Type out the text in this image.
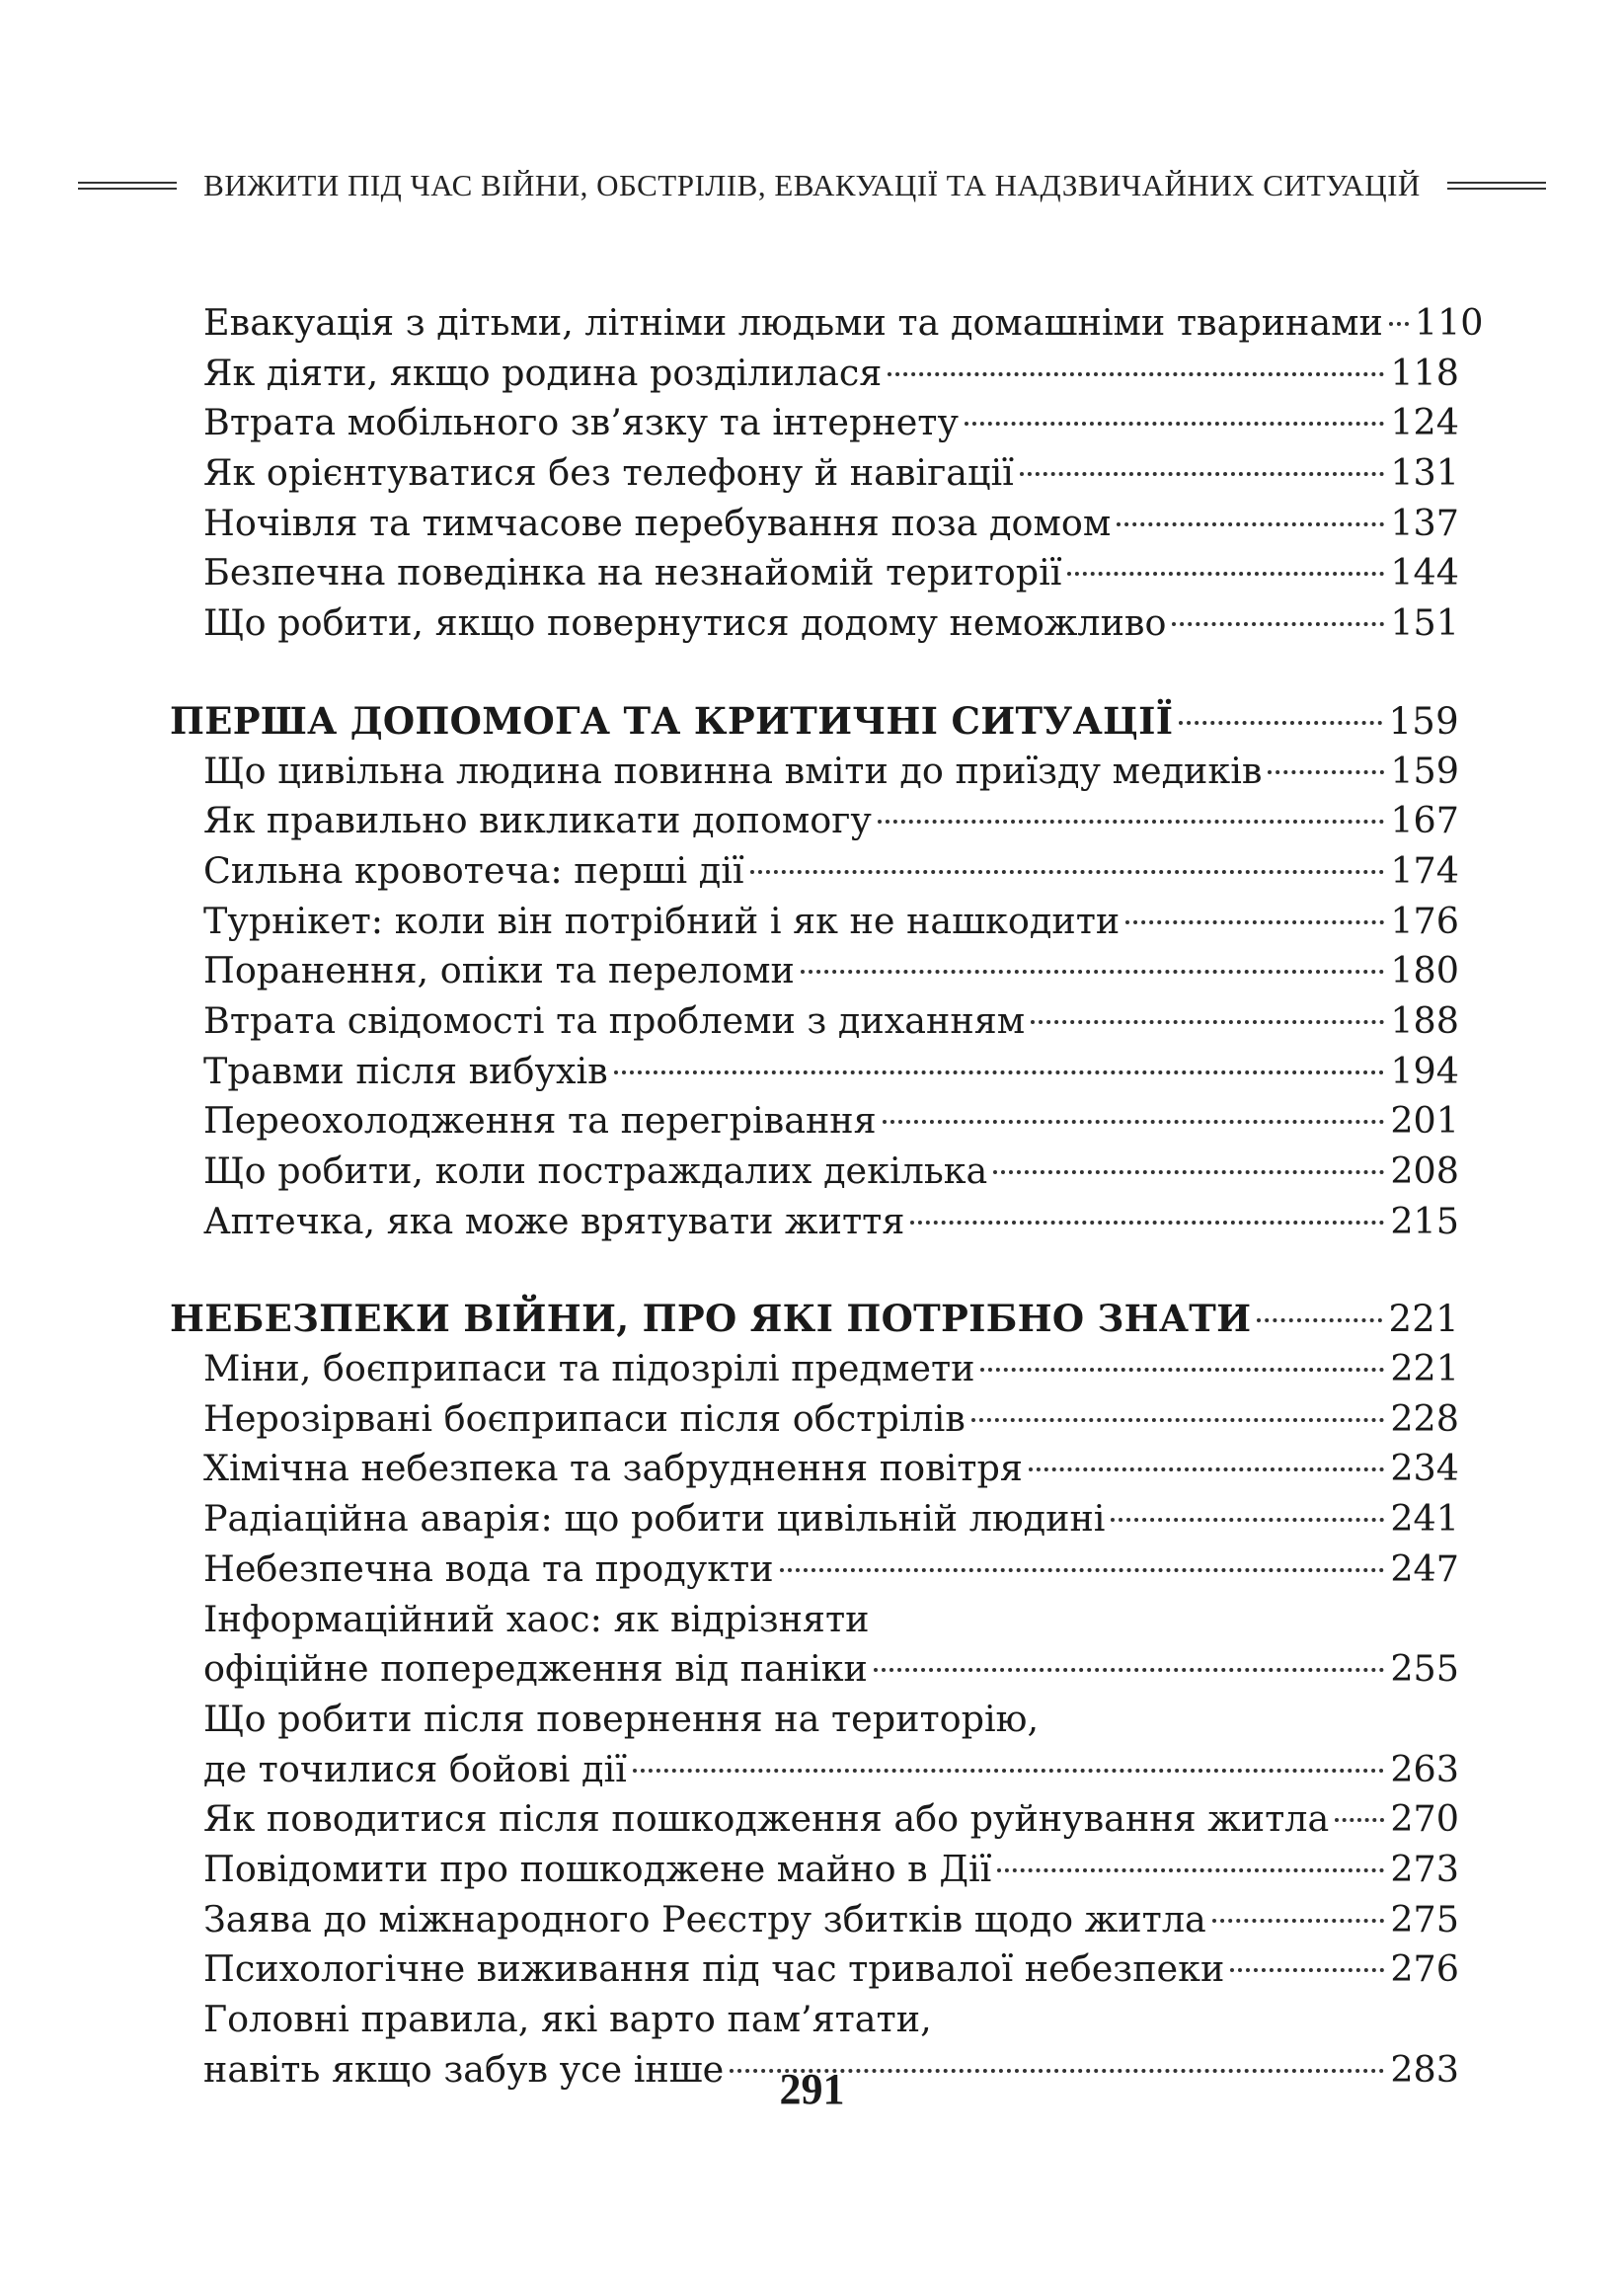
ВИЖИТИ ПІД ЧАС ВІЙНИ, ОБСТРІЛІВ, ЕВАКУАЦІЇ ТА НАДЗВИЧАЙНИХ СИТУАЦІЙ
Евакуація з дітьми, літніми людьми та домашніми тваринами 110
Як діяти, якщо родина розділилася	118
Втрата мобільного зв’язку та інтернету	124
Як орієнтуватися без телефону й навігації	131
Ночівля та тимчасове перебування поза домом	137
Безпечна поведінка на незнайомій території	144
Що робити, якщо повернутися додому неможливо	151
ПЕРША ДОПОМОГА ТА КРИТИЧНІ СИТУАЦІЇ	159
Що цивільна людина повинна вміти до приїзду медиків	159
Як правильно викликати допомогу	167
Сильна кровотеча: перші дії	174
Турнікет: коли він потрібний і як не нашкодити	176
Поранення, опіки та переломи	180
Втрата свідомості та проблеми з диханням	188
Травми після вибухів	194
Переохолодження та перегрівання	201
Що робити, коли постраждалих декілька	208
Аптечка, яка може врятувати життя	215
НЕБЕЗПЕКИ ВІЙНИ, ПРО ЯКІ ПОТРІБНО ЗНАТИ	221
Міни, боєприпаси та підозрілі предмети	221
Нерозірвані боєприпаси після обстрілів	228
Хімічна небезпека та забруднення повітря	234
Радіаційна аварія: що робити цивільній людині	241
Небезпечна вода та продукти	247
Інформаційний хаос: як відрізняти
офіційне попередження від паніки	255
Що робити після повернення на територію,
де точилися бойові дії	263
Як поводитися після пошкодження або руйнування житла 270
Повідомити про пошкоджене майно в Дії	273
Заява до міжнародного Реєстру збитків щодо житла	275
Психологічне виживання під час тривалої небезпеки	276
Головні правила, які варто пам’ятати,
навіть якщо забув усе інше	283
291
